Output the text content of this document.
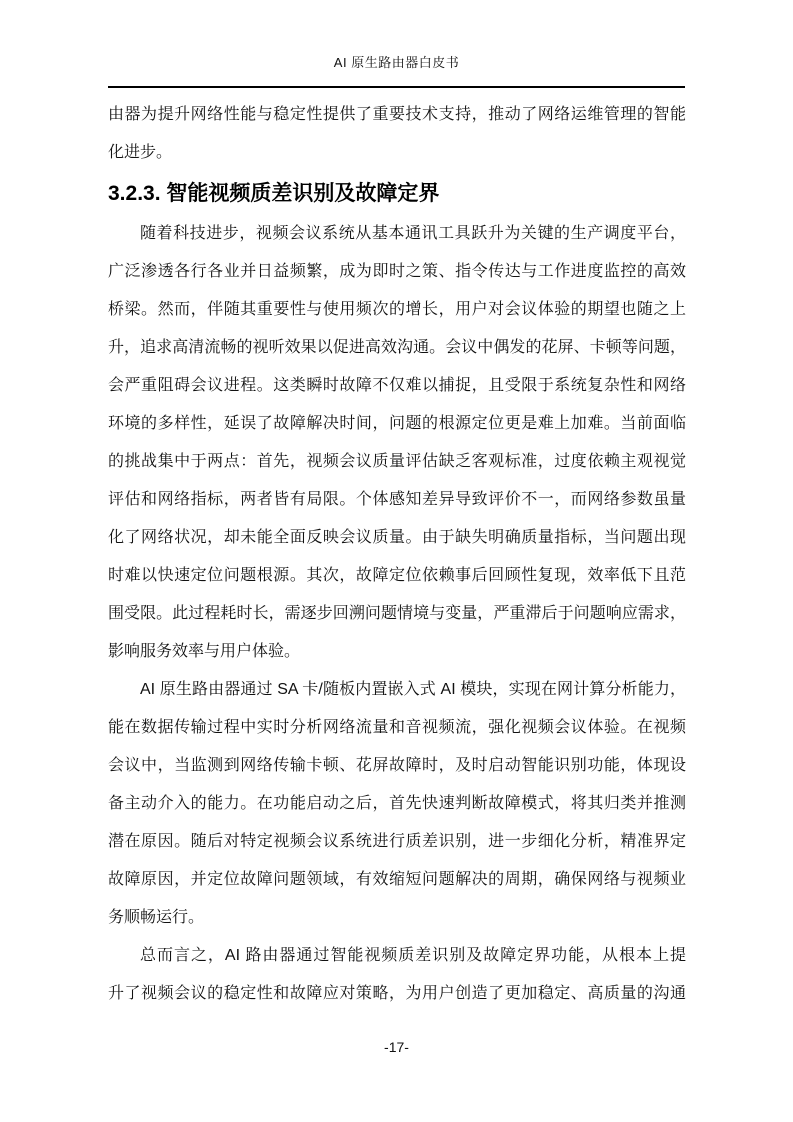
AI 原生路由器白皮书
由器为提升网络性能与稳定性提供了重要技术支持，推动了网络运维管理的智能
化进步。
3.2.3. 智能视频质差识别及故障定界
随着科技进步，视频会议系统从基本通讯工具跃升为关键的生产调度平台，
广泛渗透各行各业并日益频繁，成为即时之策、指令传达与工作进度监控的高效
桥梁。然而，伴随其重要性与使用频次的增长，用户对会议体验的期望也随之上
升，追求高清流畅的视听效果以促进高效沟通。会议中偶发的花屏、卡顿等问题，
会严重阻碍会议进程。这类瞬时故障不仅难以捕捉，且受限于系统复杂性和网络
环境的多样性，延误了故障解决时间，问题的根源定位更是难上加难。当前面临
的挑战集中于两点：首先，视频会议质量评估缺乏客观标准，过度依赖主观视觉
评估和网络指标，两者皆有局限。个体感知差异导致评价不一，而网络参数虽量
化了网络状况，却未能全面反映会议质量。由于缺失明确质量指标，当问题出现
时难以快速定位问题根源。其次，故障定位依赖事后回顾性复现，效率低下且范
围受限。此过程耗时长，需逐步回溯问题情境与变量，严重滞后于问题响应需求，
影响服务效率与用户体验。
AI 原生路由器通过 SA 卡/随板内置嵌入式 AI 模块，实现在网计算分析能力，
能在数据传输过程中实时分析网络流量和音视频流，强化视频会议体验。在视频
会议中，当监测到网络传输卡顿、花屏故障时，及时启动智能识别功能，体现设
备主动介入的能力。在功能启动之后，首先快速判断故障模式，将其归类并推测
潜在原因。随后对特定视频会议系统进行质差识别，进一步细化分析，精准界定
故障原因，并定位故障问题领域，有效缩短问题解决的周期，确保网络与视频业
务顺畅运行。
总而言之，AI 路由器通过智能视频质差识别及故障定界功能，从根本上提
升了视频会议的稳定性和故障应对策略，为用户创造了更加稳定、高质量的沟通
-17-
